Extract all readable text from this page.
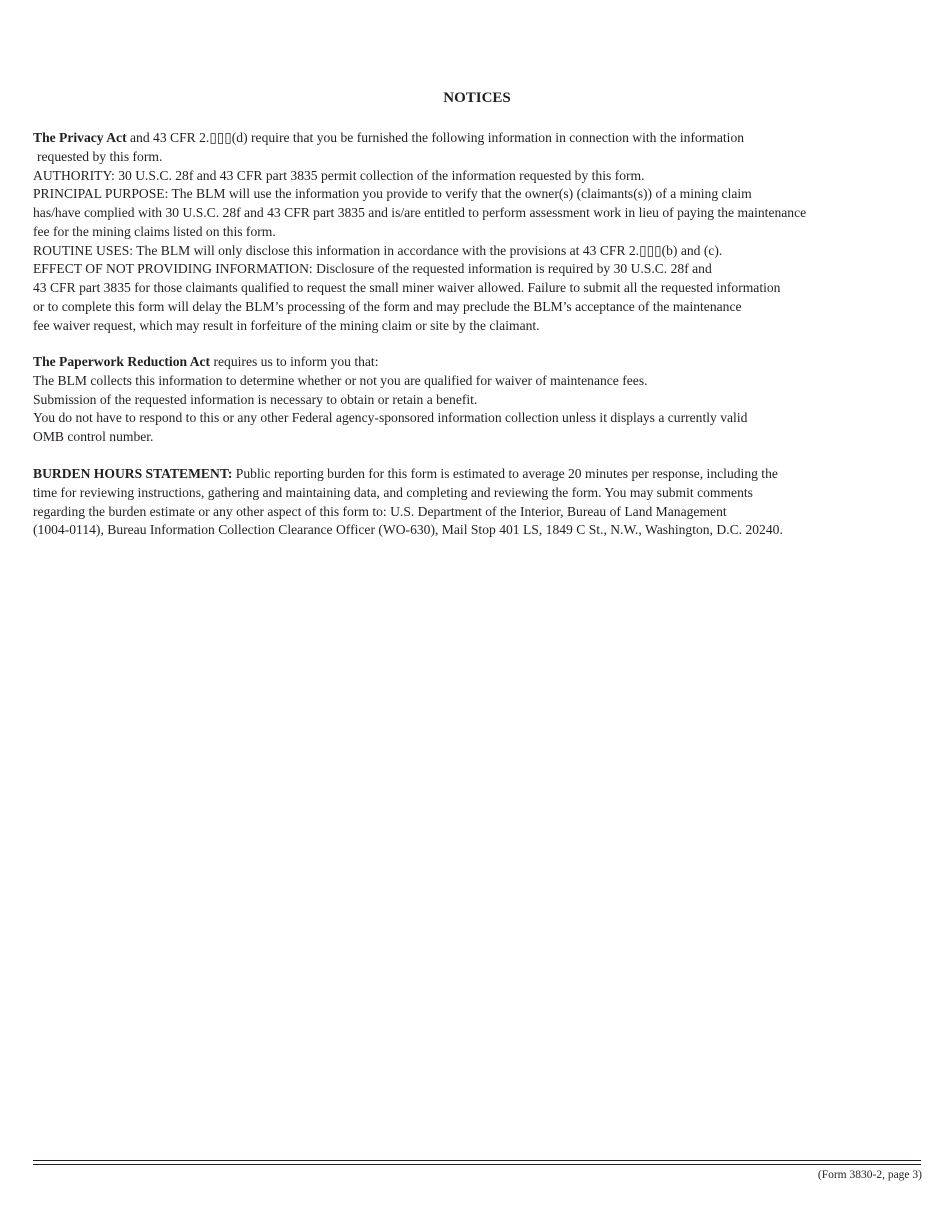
NOTICES
The Privacy Act and 43 CFR 2.▯▯▯(d) require that you be furnished the following information in connection with the information
requested by this form.
AUTHORITY: 30 U.S.C. 28f and 43 CFR part 3835 permit collection of the information requested by this form.
PRINCIPAL PURPOSE: The BLM will use the information you provide to verify that the owner(s) (claimants(s)) of a mining claim
has/have complied with 30 U.S.C. 28f and 43 CFR part 3835 and is/are entitled to perform assessment work in lieu of paying the maintenance
fee for the mining claims listed on this form.
ROUTINE USES: The BLM will only disclose this information in accordance with the provisions at 43 CFR 2.▯▯▯(b) and (c).
EFFECT OF NOT PROVIDING INFORMATION: Disclosure of the requested information is required by 30 U.S.C. 28f and
43 CFR part 3835 for those claimants qualified to request the small miner waiver allowed. Failure to submit all the requested information
or to complete this form will delay the BLM’s processing of the form and may preclude the BLM’s acceptance of the maintenance
fee waiver request, which may result in forfeiture of the mining claim or site by the claimant.
The Paperwork Reduction Act requires us to inform you that:
The BLM collects this information to determine whether or not you are qualified for waiver of maintenance fees.
Submission of the requested information is necessary to obtain or retain a benefit.
You do not have to respond to this or any other Federal agency-sponsored information collection unless it displays a currently valid
OMB control number.
BURDEN HOURS STATEMENT: Public reporting burden for this form is estimated to average 20 minutes per response, including the
time for reviewing instructions, gathering and maintaining data, and completing and reviewing the form. You may submit comments
regarding the burden estimate or any other aspect of this form to: U.S. Department of the Interior, Bureau of Land Management
(1004-0114), Bureau Information Collection Clearance Officer (WO-630), Mail Stop 401 LS, 1849 C St., N.W., Washington, D.C. 20240.
(Form 3830-2, page 3)
